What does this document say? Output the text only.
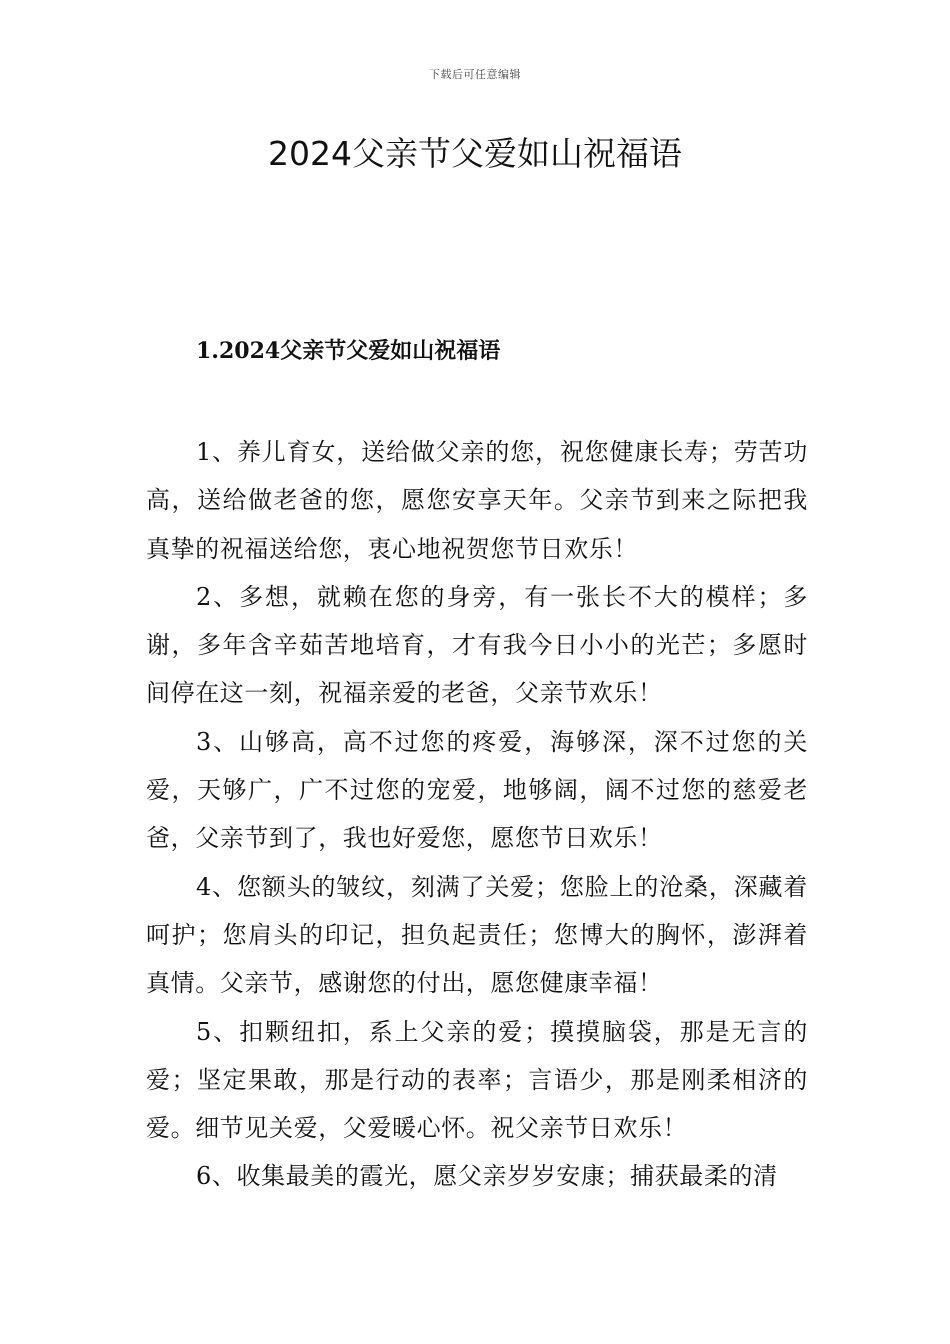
下载后可任意编辑
2024父亲节父爱如山祝福语
1.2024父亲节父爱如山祝福语

1、养儿育女，送给做父亲的您，祝您健康长寿；劳苦功高，送给做老爸的您，愿您安享天年。父亲节到来之际把我真挚的祝福送给您，衷心地祝贺您节日欢乐！

2、多想，就赖在您的身旁，有一张长不大的模样；多谢，多年含辛茹苦地培育，才有我今日小小的光芒；多愿时间停在这一刻，祝福亲爱的老爸，父亲节欢乐！

3、山够高，高不过您的疼爱，海够深，深不过您的关爱，天够广，广不过您的宠爱，地够阔，阔不过您的慈爱老爸，父亲节到了，我也好爱您，愿您节日欢乐！

4、您额头的皱纹，刻满了关爱；您脸上的沧桑，深藏着呵护；您肩头的印记，担负起责任；您博大的胸怀，澎湃着真情。父亲节，感谢您的付出，愿您健康幸福！

5、扣颗纽扣，系上父亲的爱；摸摸脑袋，那是无言的爱；坚定果敢，那是行动的表率；言语少，那是刚柔相济的爱。细节见关爱，父爱暖心怀。祝父亲节日欢乐！

6、收集最美的霞光，愿父亲岁岁安康；捕获最柔的清
